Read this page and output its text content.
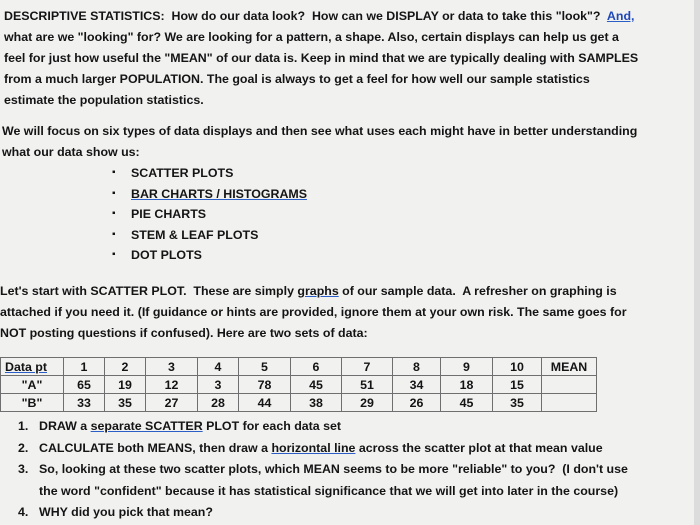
DESCRIPTIVE STATISTICS:  How do our data look?  How can we DISPLAY or data to take this "look"?  And,
what are we "looking" for? We are looking for a pattern, a shape. Also, certain displays can help us get a
feel for just how useful the "MEAN" of our data is. Keep in mind that we are typically dealing with SAMPLES
from a much larger POPULATION. The goal is always to get a feel for how well our sample statistics
estimate the population statistics.
We will focus on six types of data displays and then see what uses each might have in better understanding
what our data show us:
▪ SCATTER PLOTS
▪ BAR CHARTS / HISTOGRAMS
▪ PIE CHARTS
▪ STEM & LEAF PLOTS
▪ DOT PLOTS
Let's start with SCATTER PLOT.  These are simply graphs of our sample data.  A refresher on graphing is
attached if you need it. (If guidance or hints are provided, ignore them at your own risk. The same goes for
NOT posting questions if confused). Here are two sets of data:
Data pt	1	2	3	4	5	6	7	8	9	10	MEAN
"A"	65	19	12	3	78	45	51	34	18	15	
"B"	33	35	27	28	44	38	29	26	45	35	
1. DRAW a separate SCATTER PLOT for each data set
2. CALCULATE both MEANS, then draw a horizontal line across the scatter plot at that mean value
3. So, looking at these two scatter plots, which MEAN seems to be more "reliable" to you?  (I don't use
the word "confident" because it has statistical significance that we will get into later in the course)
4. WHY did you pick that mean?
